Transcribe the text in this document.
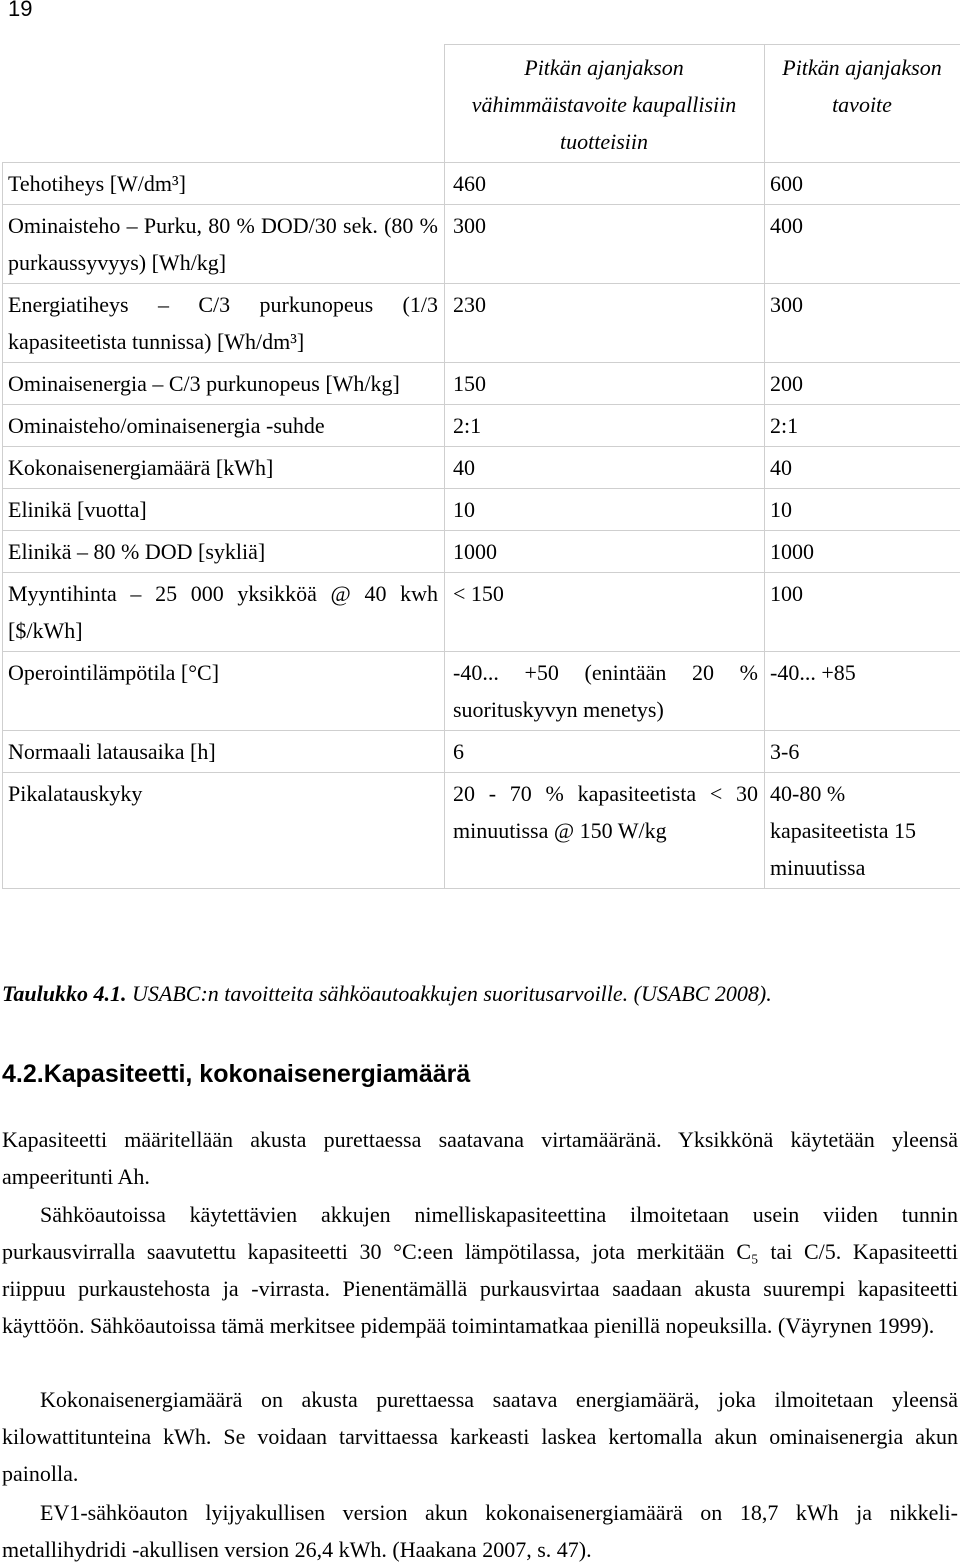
19
	Pitkän ajanjakson vähimmäistavoite kaupallisiin tuotteisiin	Pitkän ajanjakson tavoite
Tehotiheys [W/dm³]	460	600
Ominaisteho – Purku, 80 % DOD/30 sek. (80 % purkaussyvyys) [Wh/kg]	300	400
Energiatiheys – C/3 purkunopeus (1/3 kapasiteetista tunnissa) [Wh/dm³]	230	300
Ominaisenergia – C/3 purkunopeus [Wh/kg]	150	200
Ominaisteho/ominaisenergia -suhde	2:1	2:1
Kokonaisenergiamäärä [kWh]	40	40
Elinikä [vuotta]	10	10
Elinikä – 80 % DOD [sykliä]	1000	1000
Myyntihinta – 25 000 yksikköä @ 40 kwh [$/kWh]	< 150	100
Operointilämpötila [°C]	-40... +50 (enintään 20 % suorituskyvyn menetys)	-40... +85
Normaali latausaika [h]	6	3-6
Pikalatauskyky	20 - 70 % kapasiteetista < 30 minuutissa @ 150 W/kg	40-80 % kapasiteetista 15 minuutissa
Taulukko 4.1. USABC:n tavoitteita sähköautoakkujen suoritusarvoille. (USABC 2008).
4.2.Kapasiteetti, kokonaisenergiamäärä

Kapasiteetti määritellään akusta purettaessa saatavana virtamääränä. Yksikkönä käytetään yleensä ampeeritunti Ah.

Sähköautoissa käytettävien akkujen nimelliskapasiteettina ilmoitetaan usein viiden tunnin purkausvirralla saavutettu kapasiteetti 30 °C:een lämpötilassa, jota merkitään C₅ tai C/5. Kapasiteetti riippuu purkaustehosta ja -virrasta. Pienentämällä purkausvirtaa saadaan akusta suurempi kapasiteetti käyttöön. Sähköautoissa tämä merkitsee pidempää toimintamatkaa pienillä nopeuksilla. (Väyrynen 1999).

Kokonaisenergiamäärä on akusta purettaessa saatava energiamäärä, joka ilmoitetaan yleensä kilowattitunteina kWh. Se voidaan tarvittaessa karkeasti laskea kertomalla akun ominaisenergia akun painolla.

EV1-sähköauton lyijyakullisen version akun kokonaisenergiamäärä on 18,7 kWh ja nikkeli-metallihydridi -akullisen version 26,4 kWh. (Haakana 2007, s. 47).
